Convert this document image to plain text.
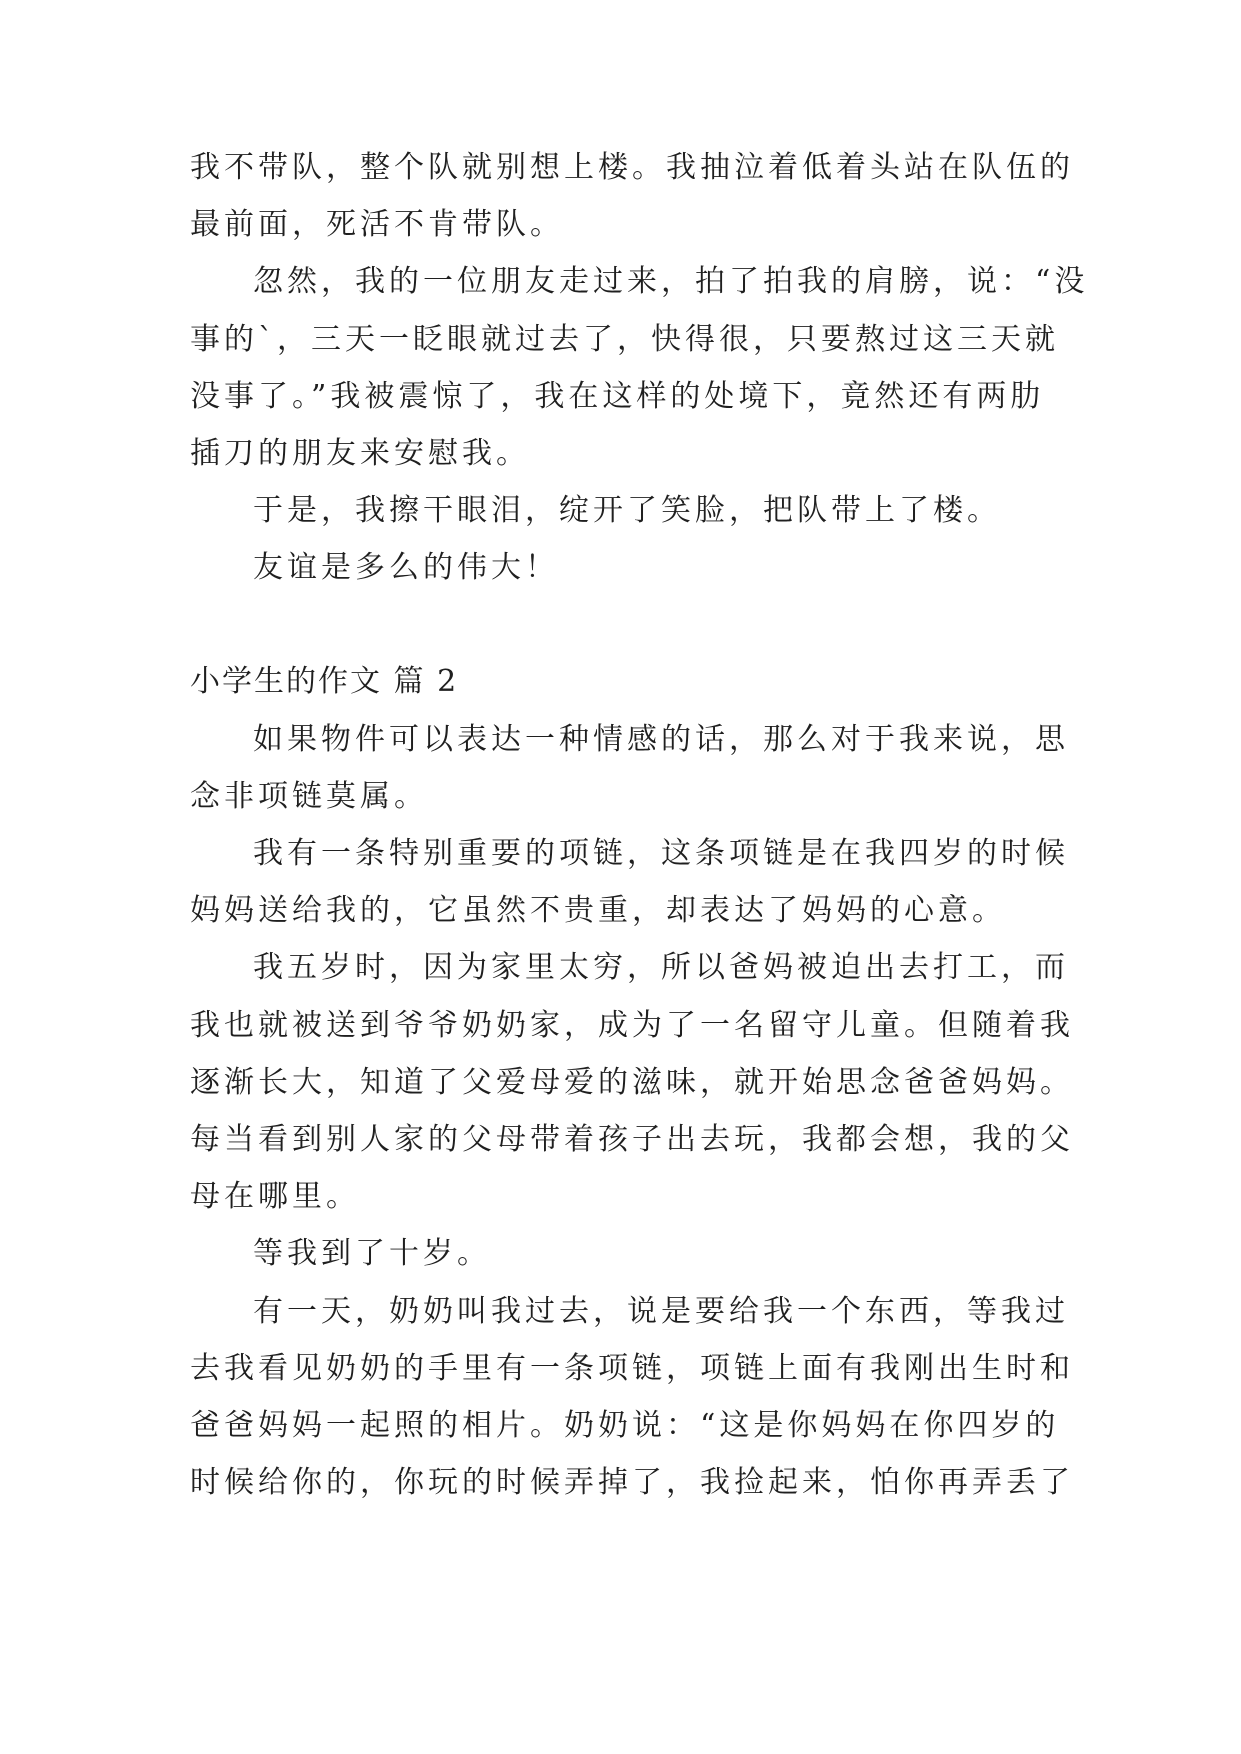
我不带队，整个队就别想上楼。我抽泣着低着头站在队伍的
最前面，死活不肯带队。
忽然，我的一位朋友走过来，拍了拍我的肩膀，说：“没
事的`，三天一眨眼就过去了，快得很，只要熬过这三天就
没事了。”我被震惊了，我在这样的处境下，竟然还有两肋
插刀的朋友来安慰我。
于是，我擦干眼泪，绽开了笑脸，把队带上了楼。
友谊是多么的伟大！
小学生的作文 篇 2
如果物件可以表达一种情感的话，那么对于我来说，思
念非项链莫属。
我有一条特别重要的项链，这条项链是在我四岁的时候
妈妈送给我的，它虽然不贵重，却表达了妈妈的心意。
我五岁时，因为家里太穷，所以爸妈被迫出去打工，而
我也就被送到爷爷奶奶家，成为了一名留守儿童。但随着我
逐渐长大，知道了父爱母爱的滋味，就开始思念爸爸妈妈。
每当看到别人家的父母带着孩子出去玩，我都会想，我的父
母在哪里。
等我到了十岁。
有一天，奶奶叫我过去，说是要给我一个东西，等我过
去我看见奶奶的手里有一条项链，项链上面有我刚出生时和
爸爸妈妈一起照的相片。奶奶说：“这是你妈妈在你四岁的
时候给你的，你玩的时候弄掉了，我捡起来，怕你再弄丢了
